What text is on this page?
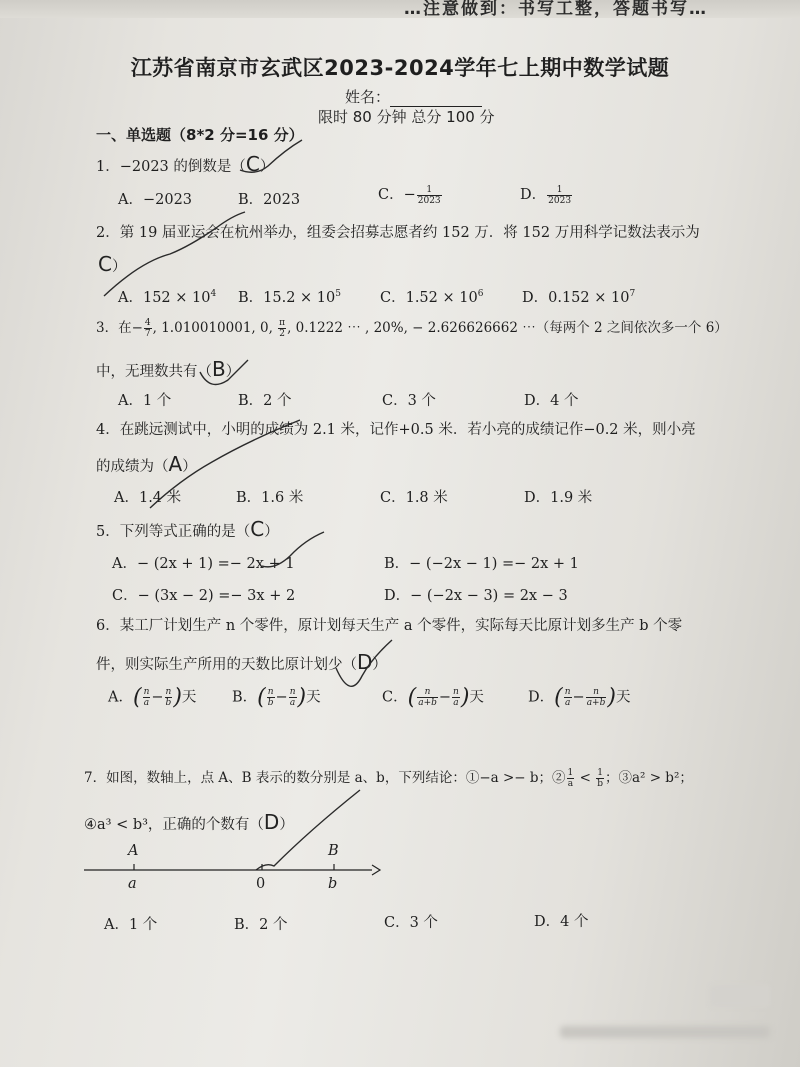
…注意做到：书写工整，答题书写…
江苏省南京市玄武区2023-2024学年七上期中数学试题
姓名：
限时 80 分钟 总分 100 分
一、单选题（8*2 分=16 分）
1．−2023 的倒数是（C）
A．−2023	B．2023	C．− $\frac{1}{2023}$	D． $\frac{1}{2023}$
2．第 19 届亚运会在杭州举办，组委会招募志愿者约 152 万．将 152 万用科学记数法表示为
C）
A．$152 \times 10^4$ B．$15.2 \times 10^5$	C．$1.52 \times 10^6$	D．$0.152 \times 10^7$
3．在− $\frac{4}{7}$ , 1.010010001, 0, $\frac{\pi}{2}$ , 0.1222 ⋯ , 20%, − 2.626626662 ⋯（每两个 2 之间依次多一个 6）
中，无理数共有（B）
A．1 个	B．2 个	C．3 个	D．4 个
4．在跳远测试中，小明的成绩为 2.1 米，记作+0.5 米．若小亮的成绩记作−0.2 米，则小亮
的成绩为（A）
A．1.4 米	B．1.6 米	C．1.8 米	D．1.9 米
5．下列等式正确的是（C）
A．− (2x + 1) =− 2x + 1	B．− (−2x − 1) =− 2x + 1
C．− (3x − 2) =− 3x + 2	D．− (−2x − 3) = 2x − 3
6．某工厂计划生产 n 个零件，原计划每天生产 a 个零件，实际每天比原计划多生产 b 个零
件，则实际生产所用的天数比原计划少（D）
A．( $\frac{n}{a} - \frac{n}{b}$ )天 B．( $\frac{n}{b} - \frac{n}{a}$ )天	C．( $\frac{n}{a+b} - \frac{n}{a}$ )天	D．( $\frac{n}{a} - \frac{n}{a+b}$ )天
7．如图，数轴上，点 A、B 表示的数分别是 a、b，下列结论：①−a >− b；② $\frac{1}{a} < \frac{1}{b}$ ；③a² > b²；
④a³ < b³，正确的个数有（D）
A
a	0
B
b
A．1 个	B．2 个	C．3 个	D．4 个
